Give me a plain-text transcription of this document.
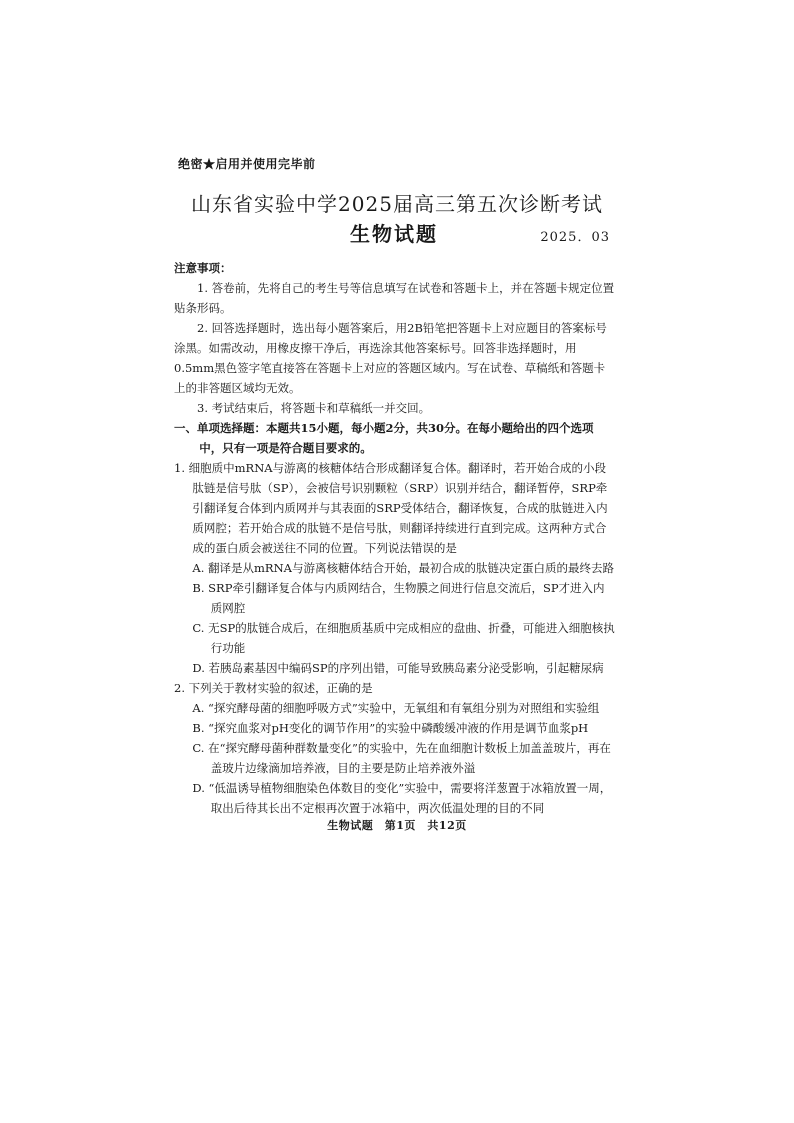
绝密★启用并使用完毕前
山东省实验中学2025届高三第五次诊断考试
生物试题	2025．03
注意事项：

1. 答卷前，先将自己的考生号等信息填写在试卷和答题卡上，并在答题卡规定位置贴条形码。

2. 回答选择题时，选出每小题答案后，用2B铅笔把答题卡上对应题目的答案标号涂黑。如需改动，用橡皮擦干净后，再选涂其他答案标号。回答非选择题时，用0.5mm黑色签字笔直接答在答题卡上对应的答题区域内。写在试卷、草稿纸和答题卡上的非答题区域均无效。

3. 考试结束后，将答题卡和草稿纸一并交回。

一、单项选择题：本题共15小题，每小题2分，共30分。在每小题给出的四个选项中，只有一项是符合题目要求的。

1. 细胞质中mRNA与游离的核糖体结合形成翻译复合体。翻译时，若开始合成的小段肽链是信号肽（SP），会被信号识别颗粒（SRP）识别并结合，翻译暂停，SRP牵引翻译复合体到内质网并与其表面的SRP受体结合，翻译恢复，合成的肽链进入内质网腔；若开始合成的肽链不是信号肽，则翻译持续进行直到完成。这两种方式合成的蛋白质会被送往不同的位置。下列说法错误的是

A. 翻译是从mRNA与游离核糖体结合开始，最初合成的肽链决定蛋白质的最终去路

B. SRP牵引翻译复合体与内质网结合，生物膜之间进行信息交流后，SP才进入内质网腔

C. 无SP的肽链合成后，在细胞质基质中完成相应的盘曲、折叠，可能进入细胞核执行功能

D. 若胰岛素基因中编码SP的序列出错，可能导致胰岛素分泌受影响，引起糖尿病

2. 下列关于教材实验的叙述，正确的是

A. “探究酵母菌的细胞呼吸方式”实验中，无氧组和有氧组分别为对照组和实验组

B. “探究血浆对pH变化的调节作用”的实验中磷酸缓冲液的作用是调节血浆pH

C. 在“探究酵母菌种群数量变化”的实验中，先在血细胞计数板上加盖盖玻片，再在盖玻片边缘滴加培养液，目的主要是防止培养液外溢

D. “低温诱导植物细胞染色体数目的变化”实验中，需要将洋葱置于冰箱放置一周，取出后待其长出不定根再次置于冰箱中，两次低温处理的目的不同

生物试题　第1页　共12页
